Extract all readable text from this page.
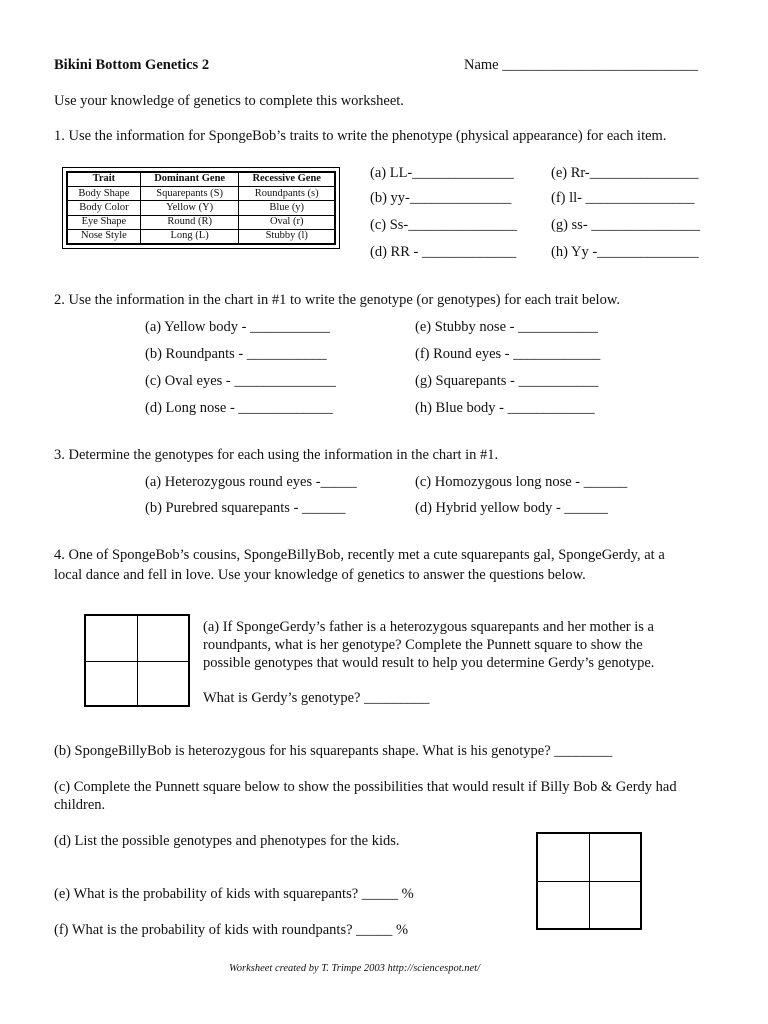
Bikini Bottom Genetics 2	Name ___________________________
Use your knowledge of genetics to complete this worksheet.
1. Use the information for SpongeBob’s traits to write the phenotype (physical appearance) for each item.
Trait	Dominant Gene	Recessive Gene
Body Shape	Squarepants (S)	Roundpants (s)
Body Color	Yellow (Y)	Blue (y)
Eye Shape	Round (R)	Oval (r)
Nose Style	Long (L)	Stubby (l)
(a) LL-______________
(b) yy-______________
(c) Ss-_______________
(d) RR - _____________
(e) Rr-_______________
(f) ll- _______________
(g) ss- _______________
(h) Yy -______________
2. Use the information in the chart in #1 to write the genotype (or genotypes) for each trait below.
(a) Yellow body - ___________
(b) Roundpants - ___________
(c) Oval eyes - ______________
(d) Long nose - _____________
(e) Stubby nose - ___________
(f) Round eyes - ____________
(g) Squarepants - ___________
(h) Blue body - ____________
3. Determine the genotypes for each using the information in the chart in #1.
(a) Heterozygous round eyes -_____
(b) Purebred squarepants - ______
(c) Homozygous long nose - ______
(d) Hybrid yellow body - ______
4. One of SpongeBob’s cousins, SpongeBillyBob, recently met a cute squarepants gal, SpongeGerdy, at a
local dance and fell in love. Use your knowledge of genetics to answer the questions below.
(a) If SpongeGerdy’s father is a heterozygous squarepants and her mother is a
roundpants, what is her genotype? Complete the Punnett square to show the
possible genotypes that would result to help you determine Gerdy’s genotype.
What is Gerdy’s genotype? _________
(b) SpongeBillyBob is heterozygous for his squarepants shape. What is his genotype? ________
(c) Complete the Punnett square below to show the possibilities that would result if Billy Bob & Gerdy had
children.
(d) List the possible genotypes and phenotypes for the kids.
(e) What is the probability of kids with squarepants? _____ %
(f) What is the probability of kids with roundpants? _____ %
Worksheet created by T. Trimpe 2003 http://sciencespot.net/
